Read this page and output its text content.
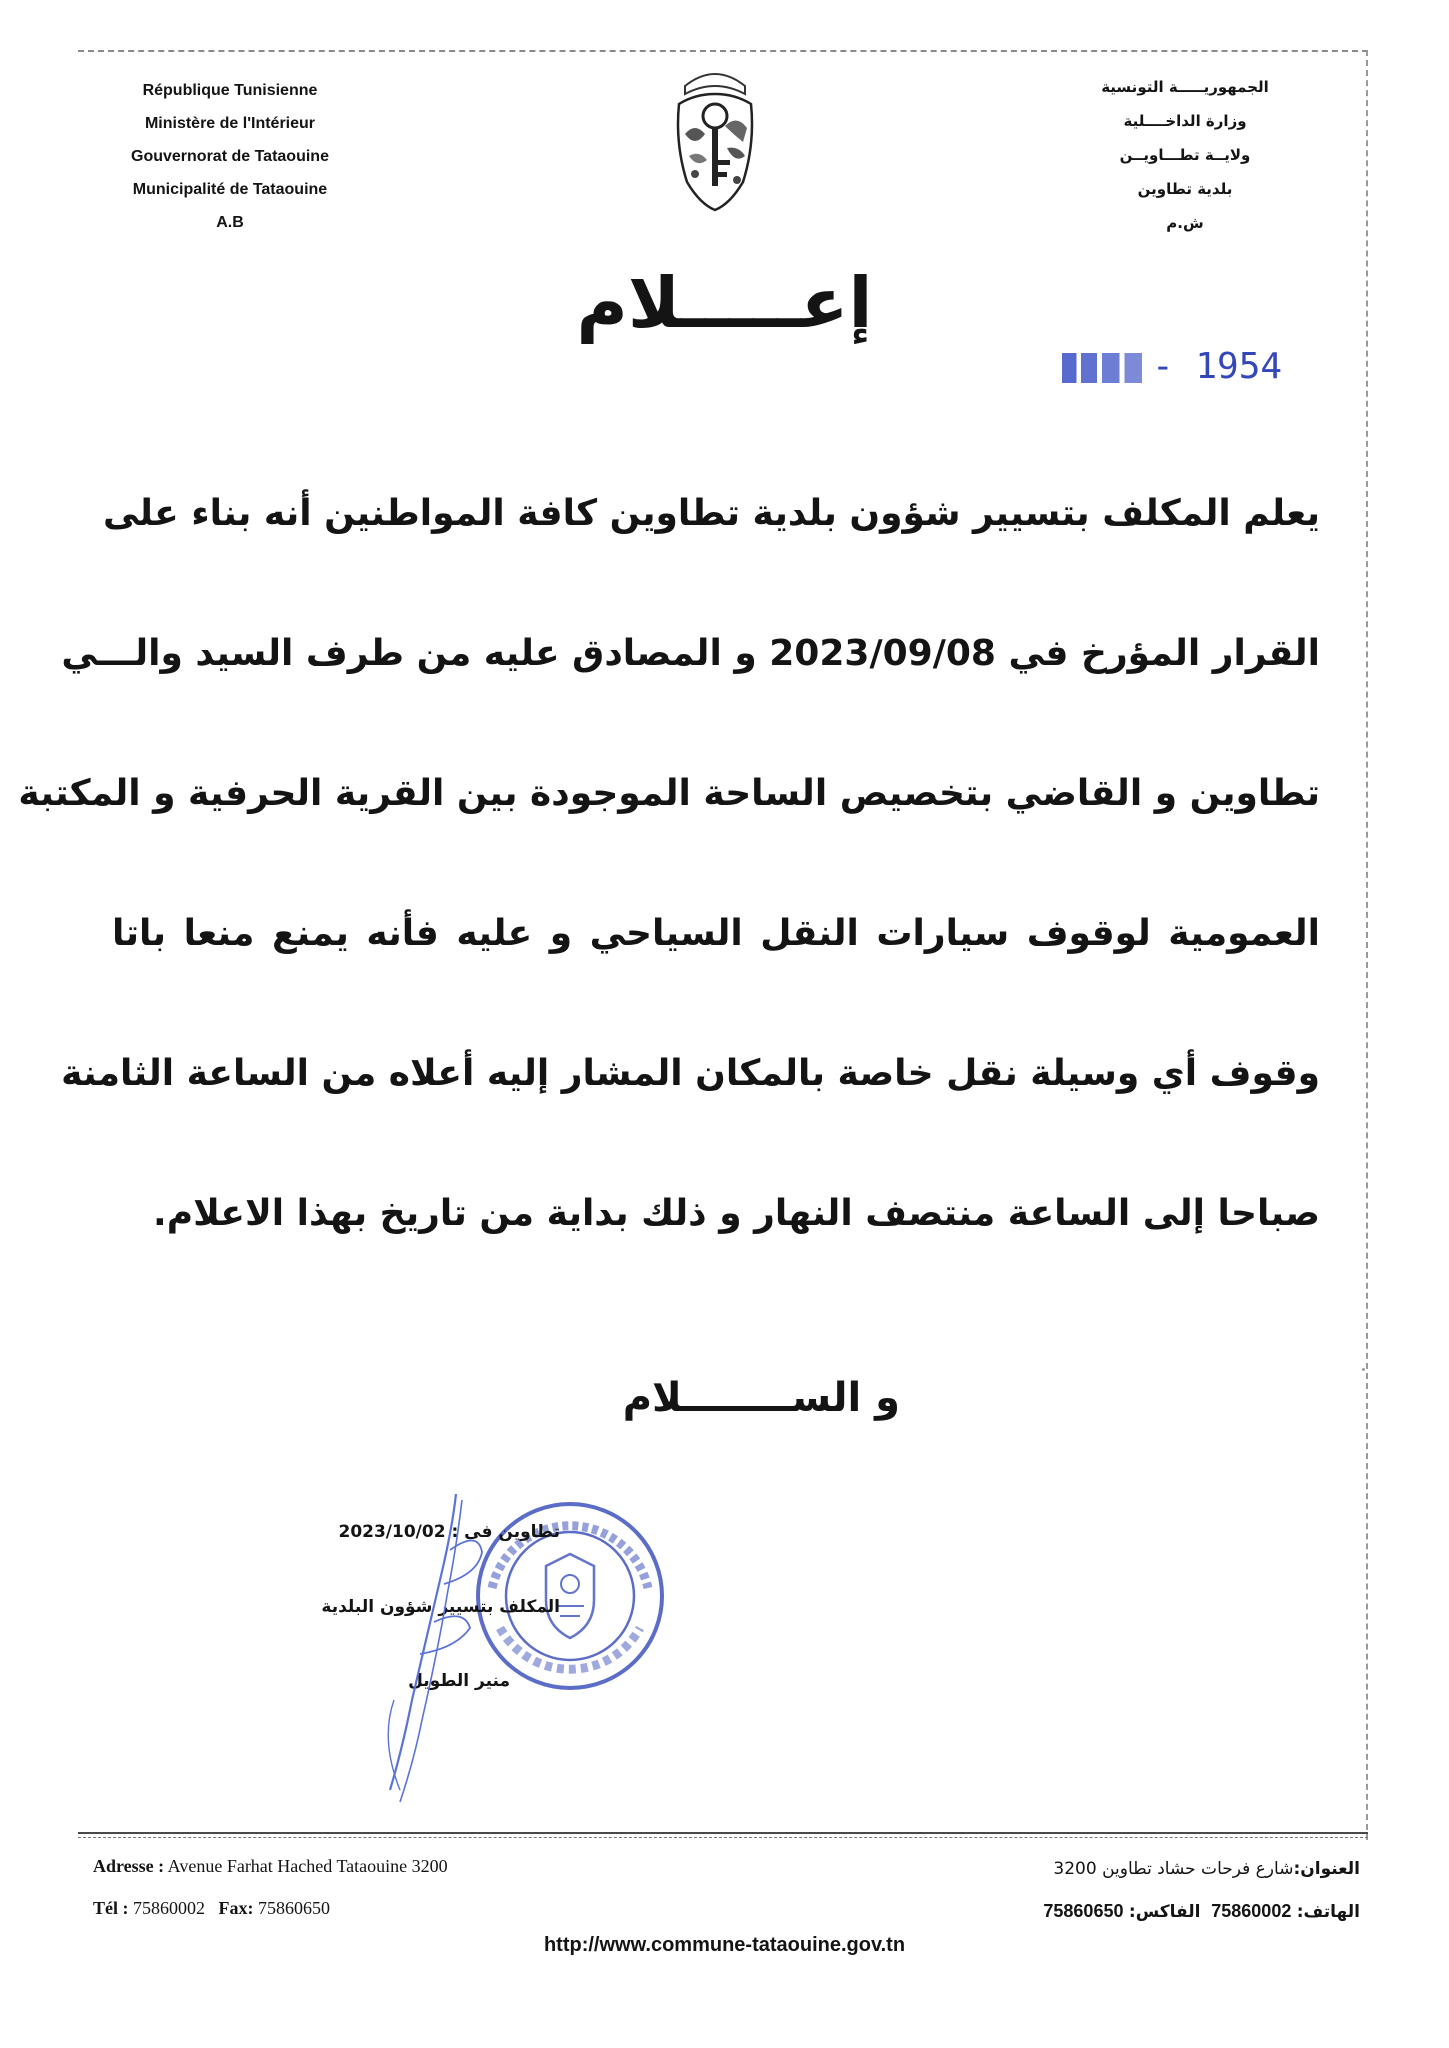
République Tunisienne
Ministère de l'Intérieur
Gouvernorat de Tataouine
Municipalité de Tataouine
A.B
الجمهوريـــــة التونسية
وزارة الداخــــلية
ولايــة تطـــاويــن
بلدية تطاوين
ش.م
إعـــــلام
- 1954
يعلم المكلف بتسيير شؤون بلدية تطاوين كافة المواطنين أنه بناء على
القرار المؤرخ في 2023/09/08 و المصادق عليه من طرف السيد والـــي
تطاوين و القاضي بتخصيص الساحة الموجودة بين القرية الحرفية و المكتبة
العمومية لوقوف سيارات النقل السياحي و عليه فأنه يمنع منعا باتا
وقوف أي وسيلة نقل خاصة بالمكان المشار إليه أعلاه من الساعة الثامنة
صباحا إلى الساعة منتصف النهار و ذلك بداية من تاريخ بهذا الاعلام.
و الســــــــلام
تطاوين في : 2023/10/02
المكلف بتسيير شؤون البلدية
منير الطويل
Adresse : Avenue Farhat Hached Tataouine 3200
Tél : 75860002 Fax: 75860650
العنوان:شارع فرحات حشاد تطاوين 3200
الهاتف: 75860002  الفاكس: 75860650
http://www.commune-tataouine.gov.tn
